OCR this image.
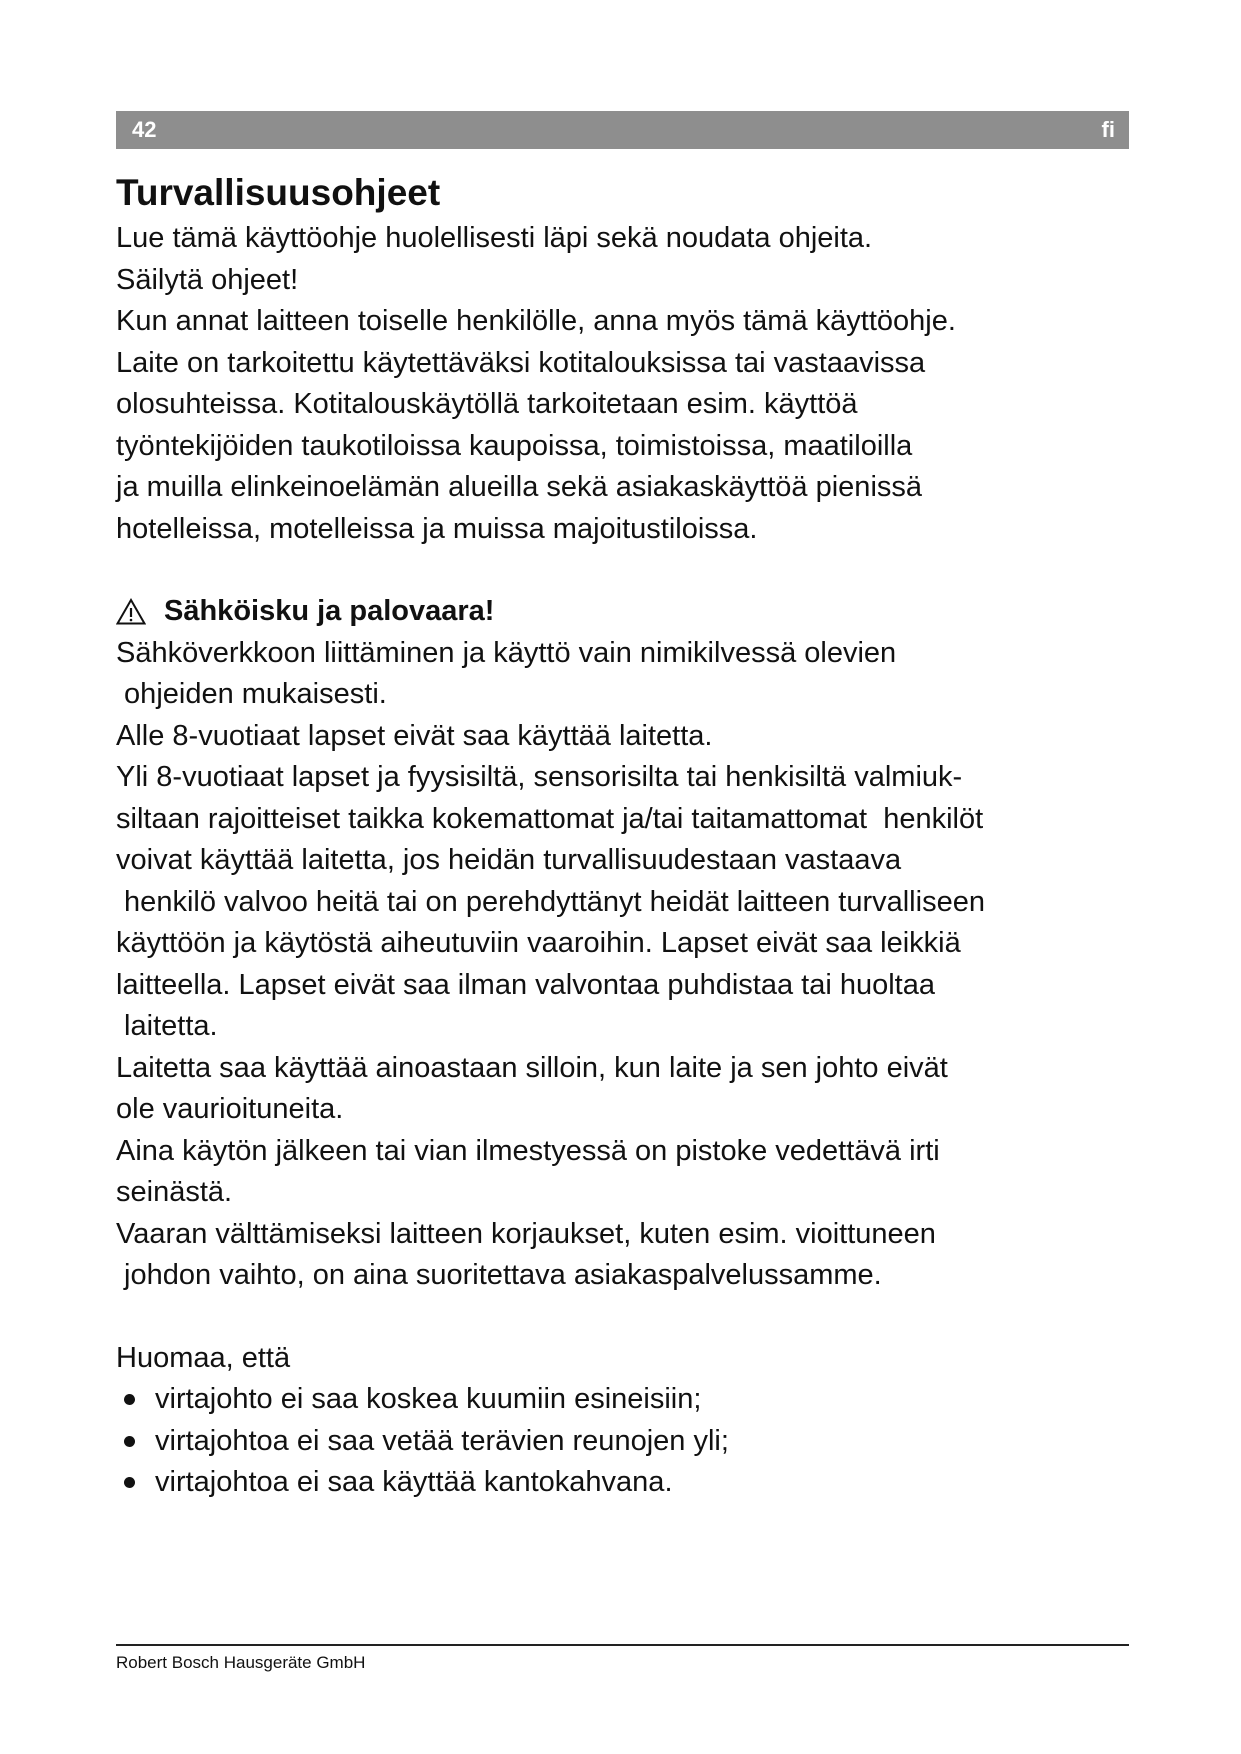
42	fi
Turvallisuusohjeet
Lue tämä käyttöohje huolellisesti läpi sekä noudata ohjeita.
Säilytä ohjeet!
Kun annat laitteen toiselle henkilölle, anna myös tämä käyttöohje.
Laite on tarkoitettu käytettäväksi kotitalouksissa tai vastaavissa
olosuhteissa. Kotitalouskäytöllä tarkoitetaan esim. käyttöä
työntekijöiden taukotiloissa kaupoissa, toimistoissa, maatiloilla
ja muilla elinkeinoelämän alueilla sekä asiakaskäyttöä pienissä
hotelleissa, motelleissa ja muissa majoitustiloissa.
Sähköisku ja palovaara!
Sähköverkkoon liittäminen ja käyttö vain nimikilvessä olevien
ohjeiden mukaisesti.
Alle 8-vuotiaat lapset eivät saa käyttää laitetta.
Yli 8-vuotiaat lapset ja fyysisiltä, sensorisilta tai henkisiltä valmiuk-
siltaan rajoitteiset taikka kokemattomat ja/tai taitamattomat  henkilöt
voivat käyttää laitetta, jos heidän turvallisuudestaan vastaava
henkilö valvoo heitä tai on perehdyttänyt heidät laitteen turvalliseen
käyttöön ja käytöstä aiheutuviin vaaroihin. Lapset eivät saa leikkiä
laitteella. Lapset eivät saa ilman valvontaa puhdistaa tai huoltaa
laitetta.
Laitetta saa käyttää ainoastaan silloin, kun laite ja sen johto eivät
ole vaurioituneita.
Aina käytön jälkeen tai vian ilmestyessä on pistoke vedettävä irti
seinästä.
Vaaran välttämiseksi laitteen korjaukset, kuten esim. vioittuneen
johdon vaihto, on aina suoritettava asiakaspalvelussamme.
Huomaa, että
virtajohto ei saa koskea kuumiin esineisiin;
virtajohtoa ei saa vetää terävien reunojen yli;
virtajohtoa ei saa käyttää kantokahvana.
Robert Bosch Hausgeräte GmbH
